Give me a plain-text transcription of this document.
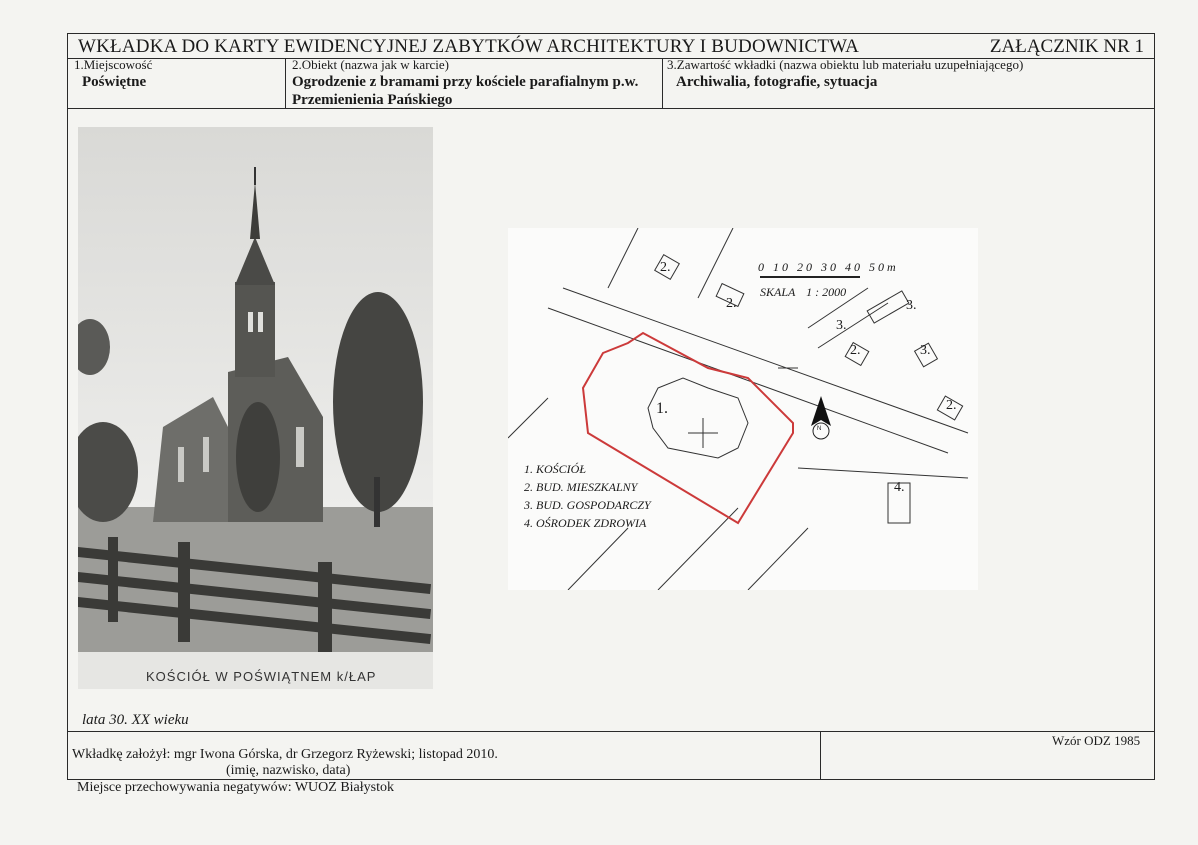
WKŁADKA DO KARTY EWIDENCYJNEJ ZABYTKÓW ARCHITEKTURY I BUDOWNICTWA	ZAŁĄCZNIK NR 1
1.Miejscowość
Poświętne
2.Obiekt (nazwa jak w karcie)
Ogrodzenie z bramami przy kościele parafialnym p.w.
Przemienienia Pańskiego
3.Zawartość wkładki (nazwa obiektu lub materiału uzupełniającego)
Archiwalia, fotografie, sytuacja
lata 30. XX wieku
Wkładkę założył: mgr Iwona Górska, dr Grzegorz Ryżewski; listopad 2010.
(imię, nazwisko, data)
Wzór ODZ 1985
Miejsce przechowywania negatywów: WUOZ Białystok
KOŚCIÓŁ W POŚWIĄTNEM k/ŁAP
0 10 20 30 40 50m
SKALA 1 : 2000
1.
2.
2.
2.
2.
3.
3.
3.
4.
N
1. KOŚCIÓŁ
2. BUD. MIESZKALNY
3. BUD. GOSPODARCZY
4. OŚRODEK ZDROWIA
